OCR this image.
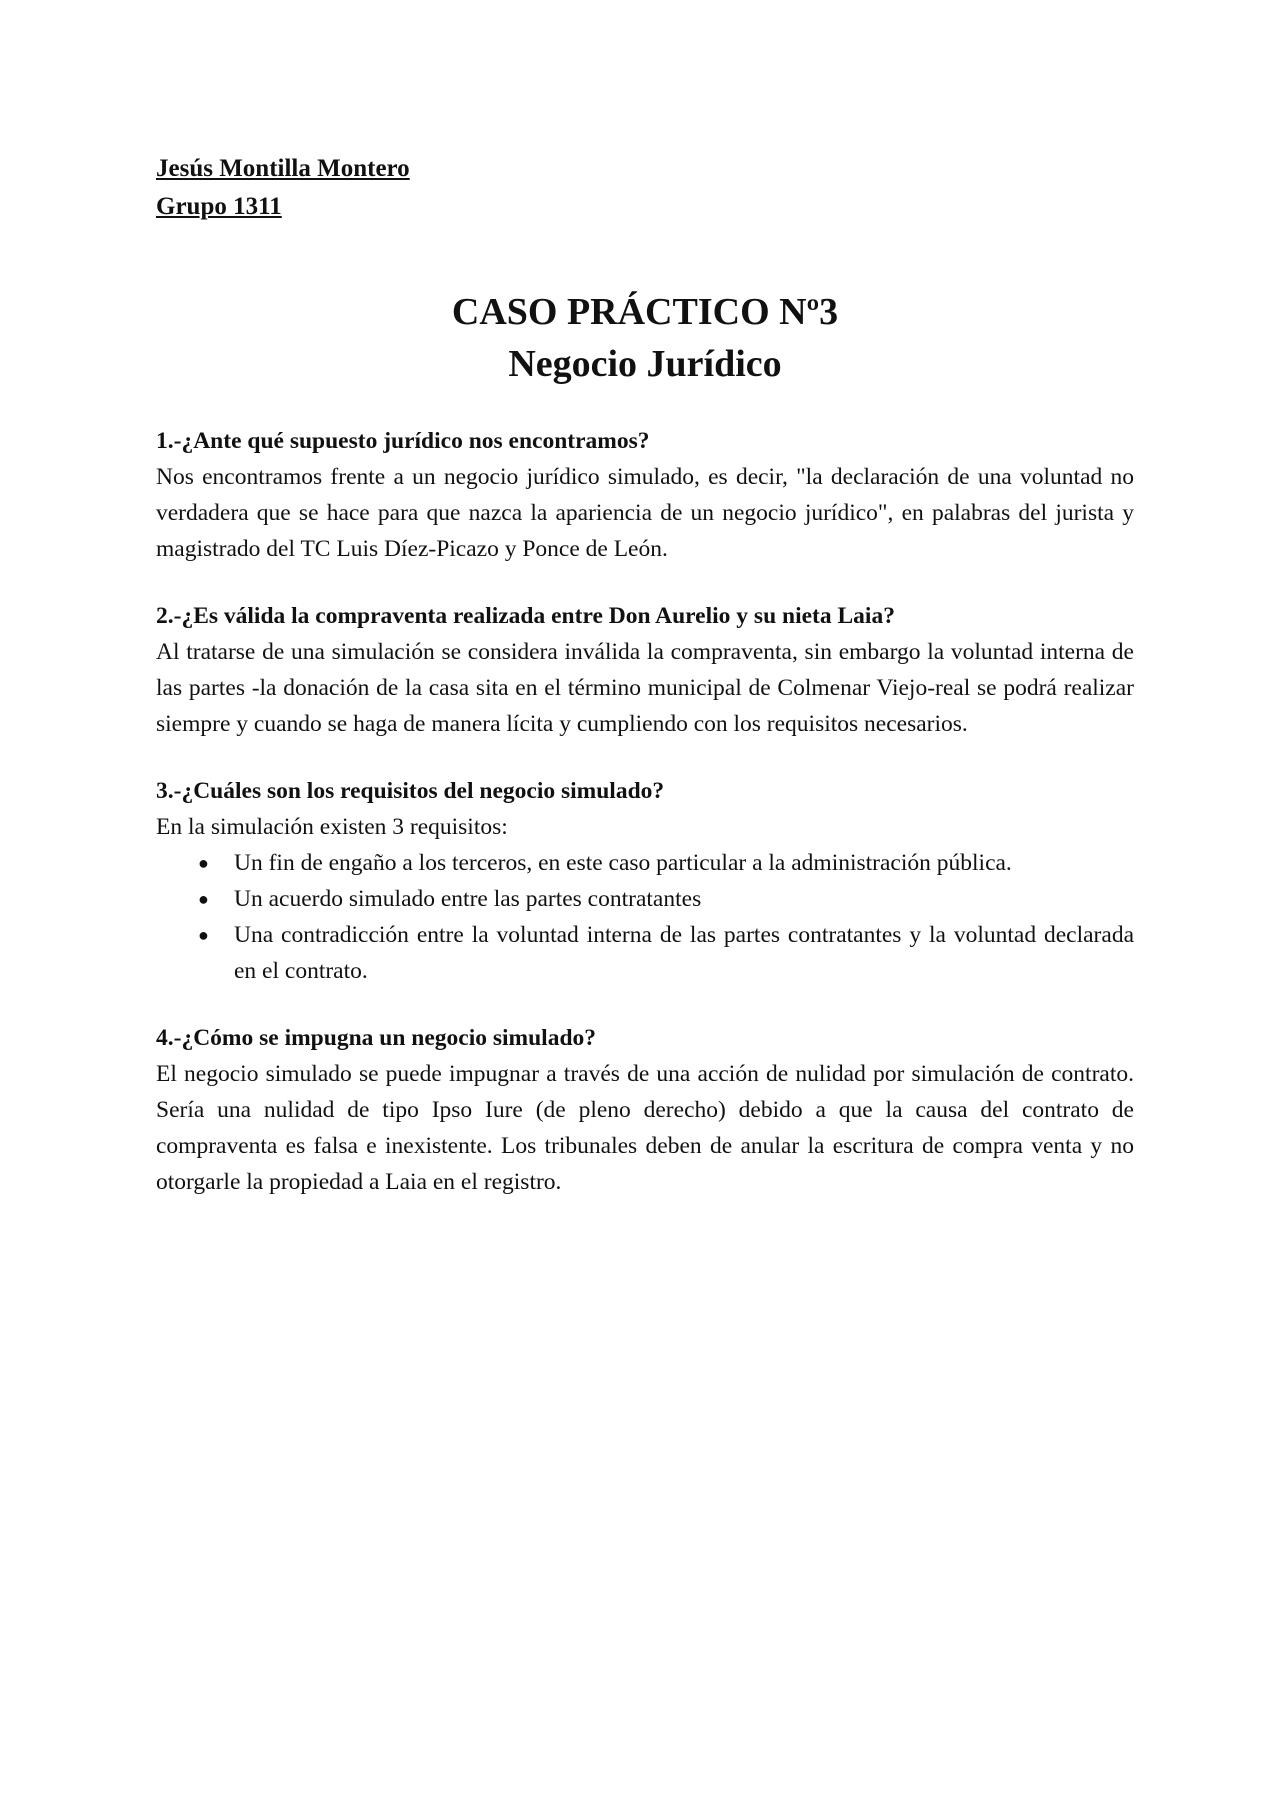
Jesús Montilla Montero

Grupo 1311

CASO PRÁCTICO Nº3

Negocio Jurídico

1.-¿Ante qué supuesto jurídico nos encontramos?

Nos encontramos frente a un negocio jurídico simulado, es decir, "la declaración de una voluntad no verdadera que se hace para que nazca la apariencia de un negocio jurídico", en palabras del jurista y magistrado del TC Luis Díez-Picazo y Ponce de León.

2.-¿Es válida la compraventa realizada entre Don Aurelio y su nieta Laia?

Al tratarse de una simulación se considera inválida la compraventa, sin embargo la voluntad interna de las partes -la donación de la casa sita en el término municipal de Colmenar Viejo-real se podrá realizar siempre y cuando se haga de manera lícita y cumpliendo con los requisitos necesarios.

3.-¿Cuáles son los requisitos del negocio simulado?

En la simulación existen 3 requisitos:

● Un fin de engaño a los terceros, en este caso particular a la administración pública.
● Un acuerdo simulado entre las partes contratantes
● Una contradicción entre la voluntad interna de las partes contratantes y la voluntad declarada en el contrato.

4.-¿Cómo se impugna un negocio simulado?

El negocio simulado se puede impugnar a través de una acción de nulidad por simulación de contrato. Sería una nulidad de tipo Ipso Iure (de pleno derecho) debido a que la causa del contrato de compraventa es falsa e inexistente. Los tribunales deben de anular la escritura de compra venta y no otorgarle la propiedad a Laia en el registro.
